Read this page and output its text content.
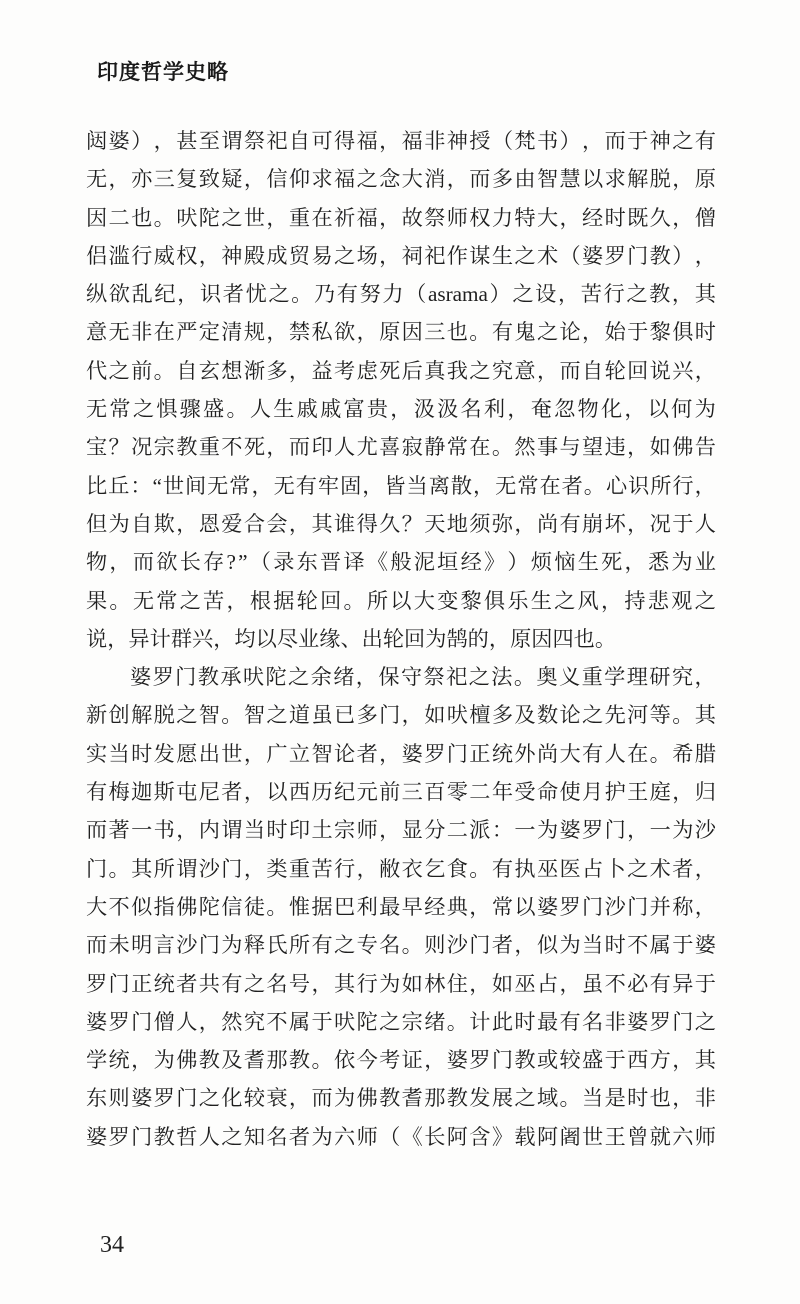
印度哲学史略
闼 婆 ） ， 甚 至 谓 祭 祀 自 可 得 福 ， 福 非 神 授 （ 梵 书 ） ， 而 于 神 之 有
无 ， 亦 三 复 致 疑 ， 信 仰 求 福 之 念 大 消 ， 而 多 由 智 慧 以 求 解 脱 ， 原
因 二 也 。 吠 陀 之 世 ， 重 在 祈 福 ， 故 祭 师 权 力 特 大 ， 经 时 既 久 ， 僧
侣 滥 行 威 权 ， 神 殿 成 贸 易 之 场 ， 祠 祀 作 谋 生 之 术 （ 婆 罗 门 教 ） ，
纵 欲 乱 纪 ， 识 者 忧 之 。 乃 有 努 力 （ asrama ） 之 设 ， 苦 行 之 教 ， 其
意 无 非 在 严 定 清 规 ， 禁 私 欲 ， 原 因 三 也 。 有 鬼 之 论 ， 始 于 黎 俱 时
代 之 前 。 自 玄 想 渐 多 ， 益 考 虑 死 后 真 我 之 究 意 ， 而 自 轮 回 说 兴 ，
无 常 之 惧 骤 盛 。 人 生 戚 戚 富 贵 ， 汲 汲 名 利 ， 奄 忽 物 化 ， 以 何 为
宝 ？ 况 宗 教 重 不 死 ， 而 印 人 尤 喜 寂 静 常 在 。 然 事 与 望 违 ， 如 佛 告
比 丘 ： “ 世 间 无 常 ， 无 有 牢 固 ， 皆 当 离 散 ， 无 常 在 者 。 心 识 所 行 ，
但 为 自 欺 ， 恩 爱 合 会 ， 其 谁 得 久 ？ 天 地 须 弥 ， 尚 有 崩 坏 ， 况 于 人
物 ， 而 欲 长 存 ? ” （ 录 东 晋 译 《 般 泥 垣 经 》 ） 烦 恼 生 死 ， 悉 为 业
果 。 无 常 之 苦 ， 根 据 轮 回 。 所 以 大 变 黎 俱 乐 生 之 风 ， 持 悲 观 之
说 ， 异 计 群 兴 ， 均 以 尽 业 缘 、 出 轮 回 为 鹄 的 ， 原 因 四 也 。
婆 罗 门 教 承 吠 陀 之 余 绪 ， 保 守 祭 祀 之 法 。 奥 义 重 学 理 研 究 ，
新 创 解 脱 之 智 。 智 之 道 虽 已 多 门 ， 如 吠 檀 多 及 数 论 之 先 河 等 。 其
实 当 时 发 愿 出 世 ， 广 立 智 论 者 ， 婆 罗 门 正 统 外 尚 大 有 人 在 。 希 腊
有 梅 迦 斯 屯 尼 者 ， 以 西 历 纪 元 前 三 百 零 二 年 受 命 使 月 护 王 庭 ， 归
而 著 一 书 ， 内 谓 当 时 印 土 宗 师 ， 显 分 二 派 ： 一 为 婆 罗 门 ， 一 为 沙
门 。 其 所 谓 沙 门 ， 类 重 苦 行 ， 敝 衣 乞 食 。 有 执 巫 医 占 卜 之 术 者 ，
大 不 似 指 佛 陀 信 徒 。 惟 据 巴 利 最 早 经 典 ， 常 以 婆 罗 门 沙 门 并 称 ，
而 未 明 言 沙 门 为 释 氏 所 有 之 专 名 。 则 沙 门 者 ， 似 为 当 时 不 属 于 婆
罗 门 正 统 者 共 有 之 名 号 ， 其 行 为 如 林 住 ， 如 巫 占 ， 虽 不 必 有 异 于
婆 罗 门 僧 人 ， 然 究 不 属 于 吠 陀 之 宗 绪 。 计 此 时 最 有 名 非 婆 罗 门 之
学 统 ， 为 佛 教 及 耆 那 教 。 依 今 考 证 ， 婆 罗 门 教 或 较 盛 于 西 方 ， 其
东 则 婆 罗 门 之 化 较 衰 ， 而 为 佛 教 耆 那 教 发 展 之 域 。 当 是 时 也 ， 非
婆 罗 门 教 哲 人 之 知 名 者 为 六 师 （ 《 长 阿 含 》 载 阿 阇 世 王 曾 就 六 师
34
